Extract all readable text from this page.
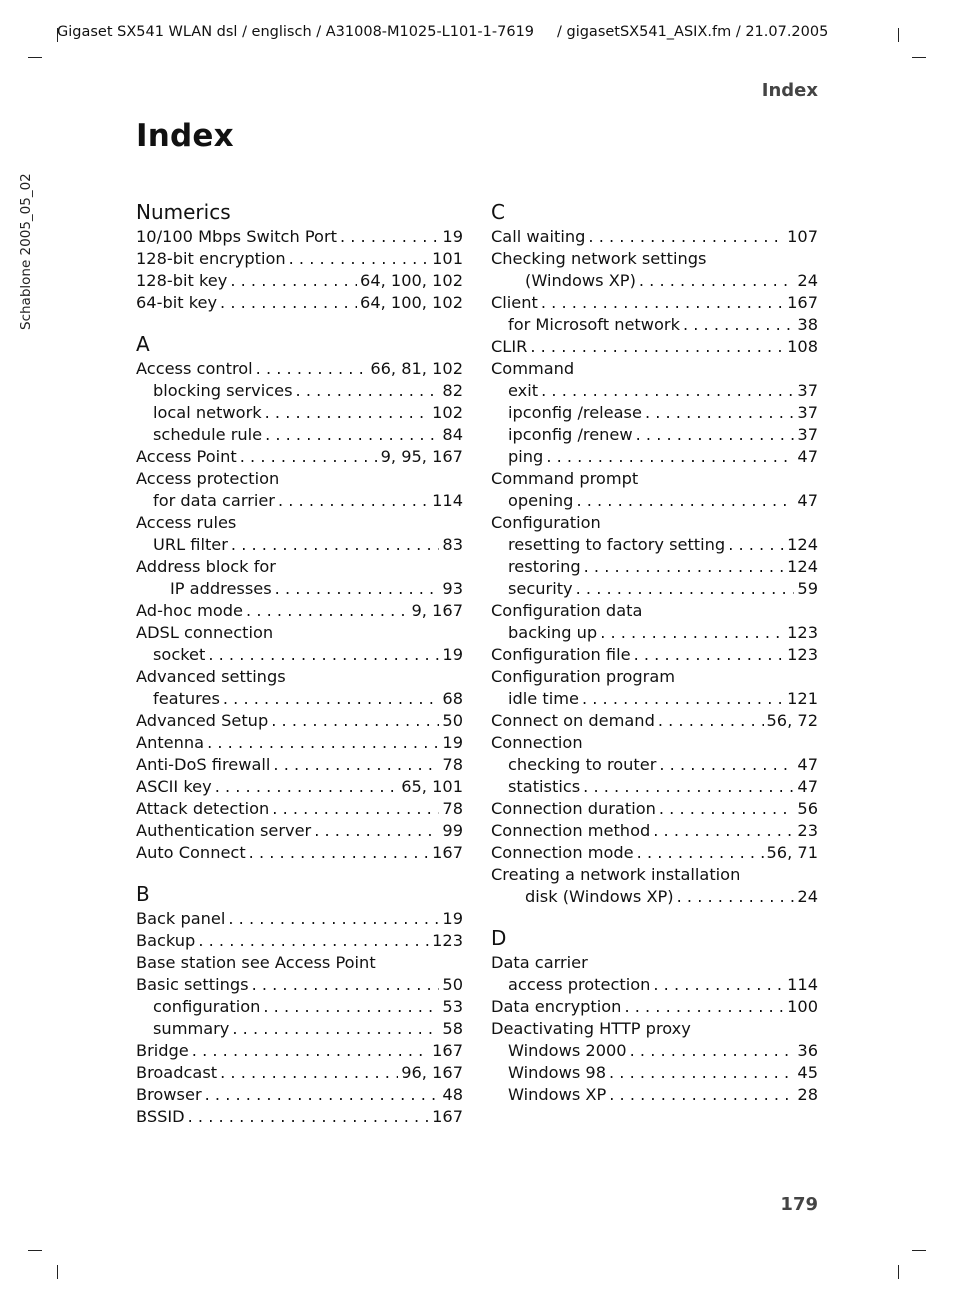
Gigaset SX541 WLAN dsl / englisch / A31008-M1025-L101-1-7619 / gigasetSX541_ASIX.fm / 21.07.2005
Index
Index
Schablone 2005_05_02	Numerics
10/100 Mbps Switch Port . . .	19
128-bit encryption . . .	101
128-bit key . . .	64, 100, 102
64-bit key . . .	64, 100, 102
A
Access control . . .	66, 81, 102
blocking services . . .	82
local network . . .	102
schedule rule . . .	84
Access Point . . .	9, 95, 167
Access protection
for data carrier . . .	114
Access rules
URL filter . . .	83
Address block for
IP addresses . . .	93
Ad-hoc mode . . .	9, 167
ADSL connection
socket . . .	19
Advanced settings
features . . .	68
Advanced Setup . . .	50
Antenna . . .	19
Anti-DoS firewall . . .	78
ASCII key . . .	65, 101
Attack detection . . .	78
Authentication server . . .	99
Auto Connect . . .	167
B
Back panel . . .	19
Backup . . .	123
Base station see Access Point
Basic settings . . .	50
configuration . . .	53
summary . . .	58
Bridge . . .	167
Broadcast . . .	96, 167
Browser . . .	48
BSSID . . .	167
C
Call waiting . . .	107
Checking network settings
(Windows XP) . . .	24
Client . . .	167
for Microsoft network . . .	38
CLIR . . .	108
Command
exit . . .	37
ipconfig /release . . .	37
ipconfig /renew . . .	37
ping . . .	47
Command prompt
opening . . .	47
Configuration
resetting to factory setting . . .	124
restoring . . .	124
security . . .	59
Configuration data
backing up . . .	123
Configuration file . . .	123
Configuration program
idle time . . .	121
Connect on demand . . .	56, 72
Connection
checking to router . . .	47
statistics . . .	47
Connection duration . . .	56
Connection method . . .	23
Connection mode . . .	56, 71
Creating a network installation
disk (Windows XP) . . .	24
D
Data carrier
access protection . . .	114
Data encryption . . .	100
Deactivating HTTP proxy
Windows 2000 . . .	36
Windows 98 . . .	45
Windows XP . . .	28
179
